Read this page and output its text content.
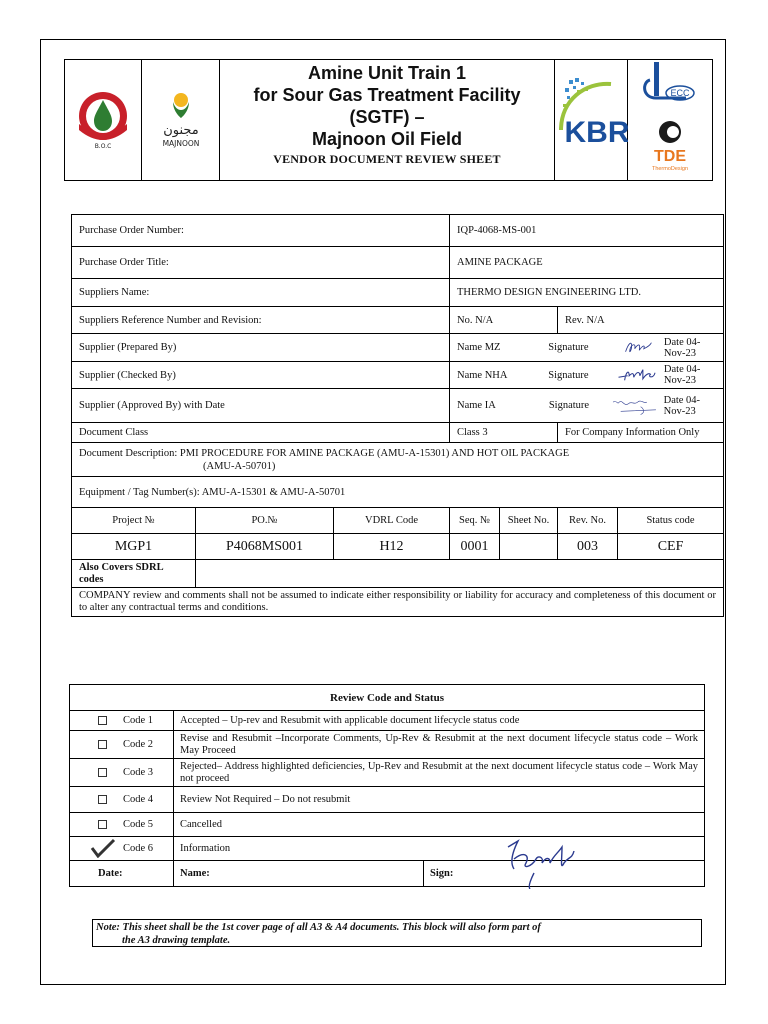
B.O.C
مجنون
MAJNOON
Amine Unit Train 1
for Sour Gas Treatment Facility
(SGTF) –
Majnoon Oil Field
VENDOR DOCUMENT REVIEW SHEET
KBR
ECC
TDE
ThermoDesign
Purchase Order Number:			IQP-4068-MS-001			
Purchase Order Title:			AMINE PACKAGE			
Suppliers Name:			THERMO DESIGN ENGINEERING LTD.			
Suppliers Reference Number and Revision:			No. N/A		Rev. N/A	
Supplier (Prepared By)			Name MZ Signature Date 04-Nov-23			

Supplier (Checked By)			Name NHA Signature Date 04-Nov-23			

Supplier (Approved By) with Date			Name IA Signature Date 04-Nov-23			

Document Class			Class 3		For Company Information Only	

Document Description: PMI PROCEDURE FOR AMINE PACKAGE (AMU-A-15301) AND HOT OIL PACKAGE
(AMU-A-50701)						

Equipment / Tag Number(s): AMU-A-15301 & AMU-A-50701						
Project №	PO.№	VDRL Code	Seq. №	Sheet No.	Rev. No.	Status code
MGP1	P4068MS001	H12	0001		003	CEF
Also Covers SDRL codes						
COMPANY review and comments shall not be assumed to indicate either responsibility or liability for accuracy and completeness of this document or to alter any contractual terms and conditions.						
Review Code and Status		
Code 1	Accepted – Up-rev and Resubmit with applicable document lifecycle status code	
Code 2	Revise and Resubmit –Incorporate Comments, Up-Rev & Resubmit at the next document lifecycle status code – Work May Proceed	
Code 3	Rejected– Address highlighted deficiencies, Up-Rev and Resubmit at the next document lifecycle status code – Work May not proceed	
Code 4	Review Not Required – Do not resubmit	
Code 5	Cancelled	

Code 6	Information	
Date:	Name:	Sign:
Note: This sheet shall be the 1st cover page of all A3 & A4 documents. This block will also form part of
the A3 drawing template.
